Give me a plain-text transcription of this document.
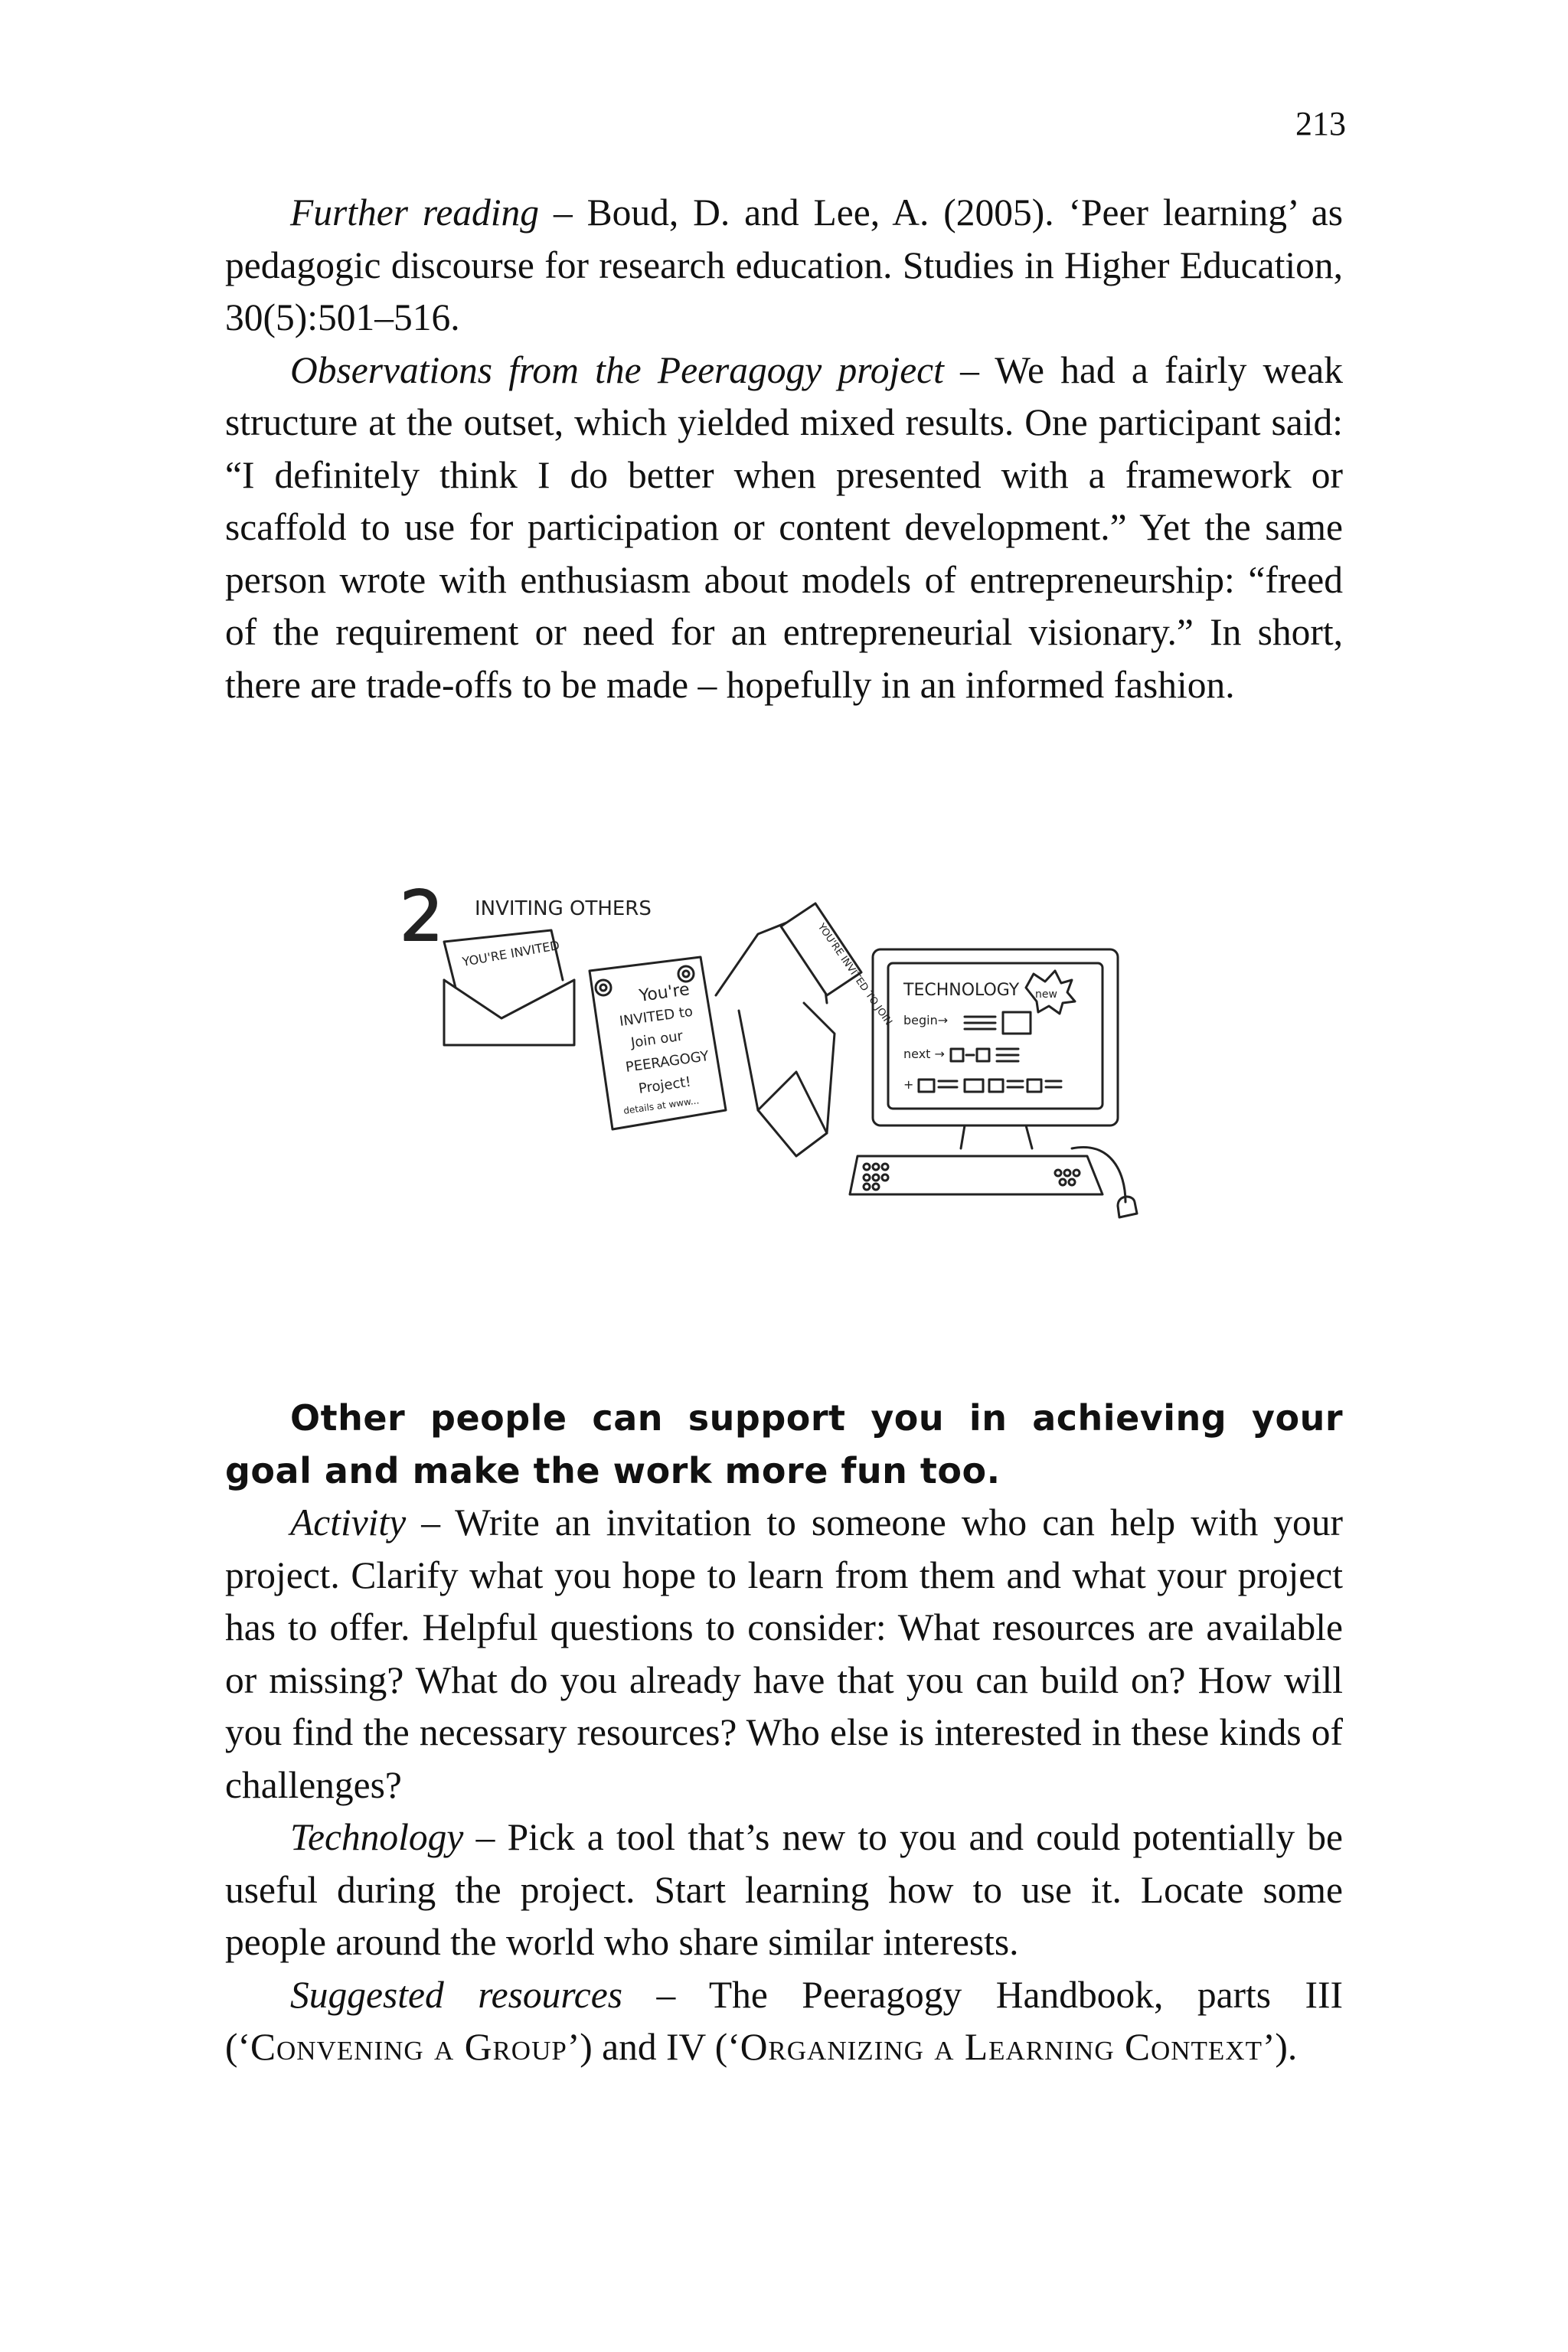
213

Further reading – Boud, D. and Lee, A. (2005). ‘Peer learning’ as pedagogic discourse for research education. Studies in Higher Education, 30(5):501–516.

Observations from the Peeragogy project – We had a fairly weak structure at the outset, which yielded mixed results. One participant said: “I definitely think I do better when presented with a framework or scaffold to use for participation or content development.” Yet the same person wrote with enthusiasm about models of entrepreneurship: “freed of the requirement or need for an entrepreneurial visionary.” In short, there are trade-offs to be made – hopefully in an informed fashion.

2 INVITING OTHERS
YOU'RE INVITED
You're
INVITED to
Join our
PEERAGOGY
Project!
details at www...
YOU'RE INVITED TO JOIN TECHNOLOGY new
begin→
next →
+

Other people can support you in achieving your goal and make the work more fun too.

Activity – Write an invitation to someone who can help with your project. Clarify what you hope to learn from them and what your project has to offer. Helpful questions to consider: What resources are available or missing? What do you already have that you can build on? How will you find the necessary resources? Who else is interested in these kinds of challenges?

Technology – Pick a tool that’s new to you and could potentially be useful during the project. Start learning how to use it. Locate some people around the world who share similar interests.

Suggested resources – The Peeragogy Handbook, parts III (‘Convening a Group’) and IV (‘Organizing a Learning Context’).
